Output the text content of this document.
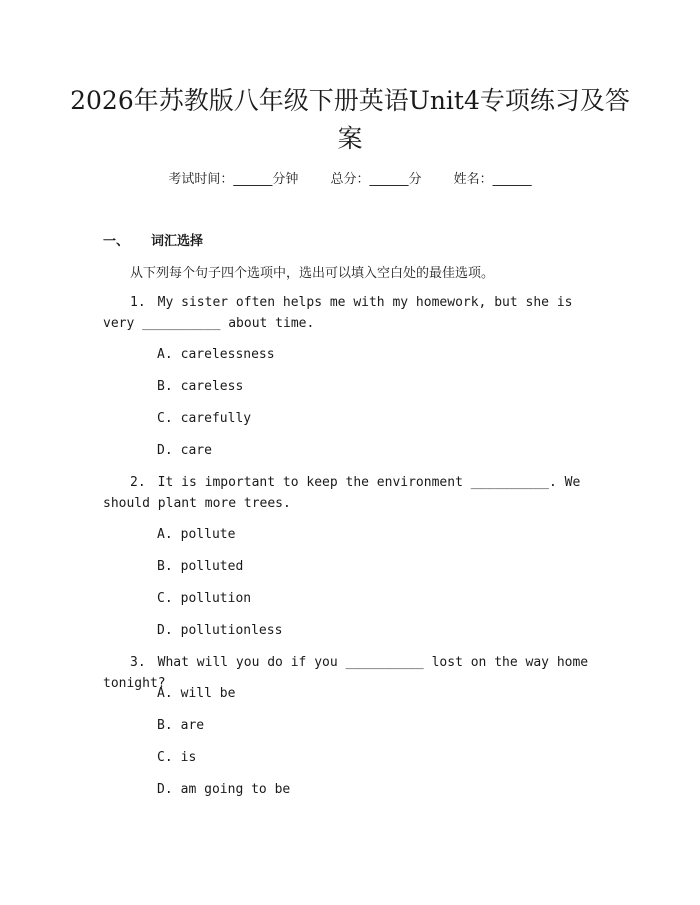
2026年苏教版八年级下册英语Unit4专项练习及答案
考试时间：______分钟 总分：______分 姓名：______
一、 词汇选择
从下列每个句子四个选项中，选出可以填入空白处的最佳选项。
1. My sister often helps me with my homework, but she is very __________ about time.
A. carelessness
B. careless
C. carefully
D. care
2. It is important to keep the environment __________. We should plant more trees.
A. pollute
B. polluted
C. pollution
D. pollutionless
3. What will you do if you __________ lost on the way home tonight?
A. will be
B. are
C. is
D. am going to be
